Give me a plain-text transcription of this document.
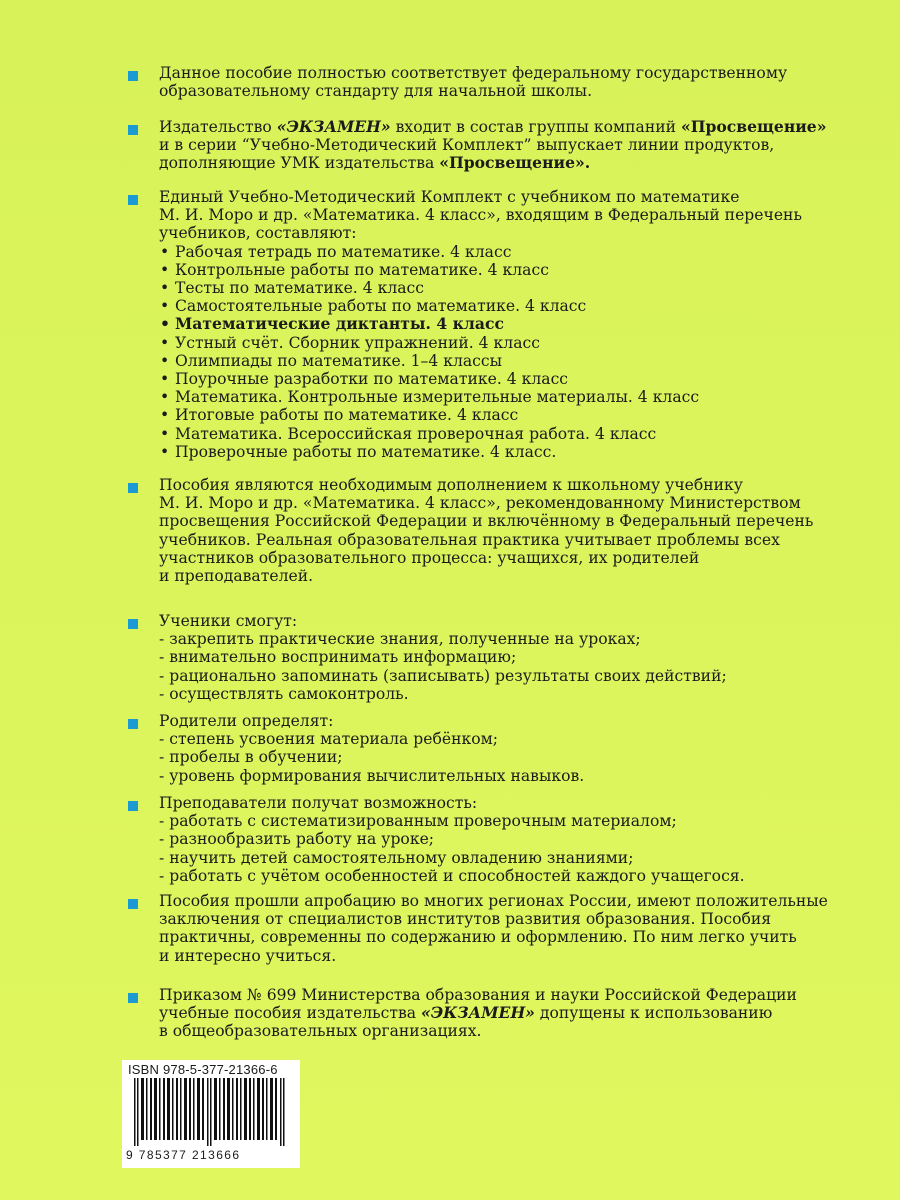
Данное пособие полностью соответствует федеральному государственному
образовательному стандарту для начальной школы.
Издательство «ЭКЗАМЕН» входит в состав группы компаний «Просвещение»
и в серии “Учебно-Методический Комплект” выпускает линии продуктов,
дополняющие УМК издательства «Просвещение».
Единый Учебно-Методический Комплект с учебником по математике
М. И. Моро и др. «Математика. 4 класс», входящим в Федеральный перечень
учебников, составляют:
• Рабочая тетрадь по математике. 4 класс
• Контрольные работы по математике. 4 класс
• Тесты по математике. 4 класс
• Самостоятельные работы по математике. 4 класс
• Математические диктанты. 4 класс
• Устный счёт. Сборник упражнений. 4 класс
• Олимпиады по математике. 1–4 классы
• Поурочные разработки по математике. 4 класс
• Математика. Контрольные измерительные материалы. 4 класс
• Итоговые работы по математике. 4 класс
• Математика. Всероссийская проверочная работа. 4 класс
• Проверочные работы по математике. 4 класс.
Пособия являются необходимым дополнением к школьному учебнику
М. И. Моро и др. «Математика. 4 класс», рекомендованному Министерством
просвещения Российской Федерации и включённому в Федеральный перечень
учебников. Реальная образовательная практика учитывает проблемы всех
участников образовательного процесса: учащихся, их родителей
и преподавателей.
Ученики смогут:
- закрепить практические знания, полученные на уроках;
- внимательно воспринимать информацию;
- рационально запоминать (записывать) результаты своих действий;
- осуществлять самоконтроль.
Родители определят:
- степень усвоения материала ребёнком;
- пробелы в обучении;
- уровень формирования вычислительных навыков.
Преподаватели получат возможность:
- работать с систематизированным проверочным материалом;
- разнообразить работу на уроке;
- научить детей самостоятельному овладению знаниями;
- работать с учётом особенностей и способностей каждого учащегося.
Пособия прошли апробацию во многих регионах России, имеют положительные
заключения от специалистов институтов развития образования. Пособия
практичны, современны по содержанию и оформлению. По ним легко учить
и интересно учиться.
Приказом № 699 Министерства образования и науки Российской Федерации
учебные пособия издательства «ЭКЗАМЕН» допущены к использованию
в общеобразовательных организациях.
ISBN 978-5-377-21366-6
9 785377 213666
